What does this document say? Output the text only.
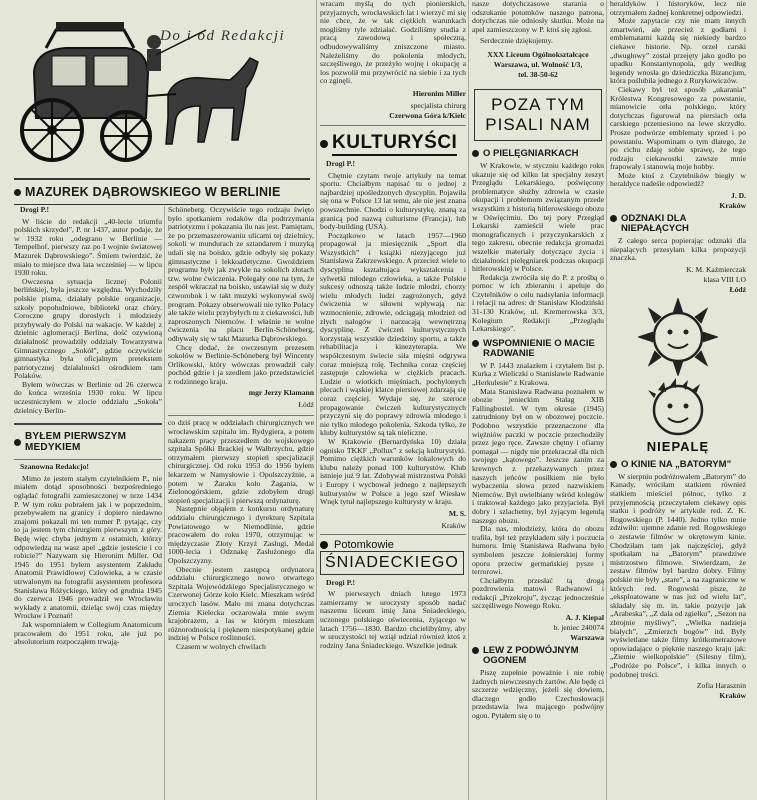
Do i od Redakcji
MAZUREK DĄBROWSKIEGO W BERLINIE
Drogi P.!

W liście do redakcji „40-lecie triumfu polskich skrzydeł”, P. nr 1437, autor podaje, że w 1932 roku „odegrano w Berlinie — Tempelhof, pierwszy raz po I wojnie światowej Mazurek Dąbrowskiego”. Śmiem twierdzić, że miało to miejsce dwa lata wcześniej — w lipcu 1930 roku.

Owczesna sytuacja licznej Polonii berlińskiej, była jeszcze względna. Wychodziły polskie pisma, działały polskie organizacje, szkoły popołudniowe, biblioteki oraz chóry. Coroczne grupy doroslych i młodzieży przybywały do Polski na wakacje. W każdej z dzielnic aglomeracji Berlina, dość ozywioną działalność prowadziły oddziały Towarzystwa Gimnastycznego „Sokół”, gdzie oczywiście gimnastyka była oficjalnym pretekstem patriotycznej działalności ośrodkiem tam Polaków.

Byłem wówczas w Berlinie od 26 czerwca do końca września 1930 roku. W lipcu uczestniczyłem w zlocie oddziału „Sokoła” dzielnicy Berlin-

BYŁEM PIERWSZYM MEDYKIEM
Szanowna Redakcjo!

Mimo że jestem stałym czytelnikiem P., nie miałem dotąd sposobności bezpośredniego oglądać fotografii zamieszczonej w nrze 1434 P. W tym roku pobrałem jak i w poprzednim, przebywałem na granicy i dopiero niedawno znajomi pokazali mi ten numer P. pytając, czy to ja jestem tym chirurgiem pierwszym z góry. Będę więc chyba jednym z ostatnich, którzy odpowiedzą na wasz apel „gdzie jesteście i co robicie?” Nazywam się Hieronim Miller. Od 1945 do 1951 byłem asystentem Zakładu Anatomii Prawidłowej Człowieka, a w czasie utrwalonym na fotografii asystentem profesora Stanisława Różyckiego, który od grudnia 1945 do czerwca 1946 prowadził we Wrocławiu wykłady z anatomii, dzieląc swój czas między Wrocław i Poznań!

Jak wspomniałem w Collegium Anatomicum pracowałem do 1951 roku, ale już po absolutorium rozpocząłem trwają-

Schöneberg. Oczywiście tego rodzaju święto było spotkaniem rodaków dla podtrzymania patriotyzmu i pokazania ilu nas jest. Pamiętam, że po przemaszerowaniu ulicami tej dzielnicy, sokoli w mundurach ze sztandarem i muzyką udali się na boisko, gdzie odbyły się pokazy gimnastyczne i lekkoatletyczne. Gwoździem programu były jak zwykle na sokolich złotach tzw. wolne ćwiczenia. Polegały one na tym, że zespół wkraczał na boisko, ustawiał się w duży czworobok i w takt muzyki wykonywał swój program. Pokazy obserwowali nie tylko Polacy ale także wielu przybyłych tu z ciekawości, lub zaproszonych Niemców. I właśnie te wolne ćwiczenia na placu Berlin-Schöneberg, odbywały się w takt Mazurka Dąbrowskiego.

Chcę dodać, że owczesnym prezesem sokołów w Berlinie-Schöneberg był Wincenty Orlikowski, który wówczas prowadził cały pochód gdzie i ja szedłem jako przedstawiciel z rodzinnego kraju.

mgr Jerzy Klamann
Łódź

co dziś pracę w oddziałach chirurgicznych we wrocławskim szpitalu im. Rydygiera, a potem nakazem pracy przeszedłem do wojskowego szpitala Spółki Brackiej w Wałbrzychu, gdzie otrzymałem pierwszy stopień specjalizacji chirurgicznej. Od roku 1953 do 1956 byłem lekarzem w Namysłowie i Opolszczyźnie, a potem w Żaraku koło Żagania, w Zielonogórskiem, gdzie zdobyłem drugi stopień specjalizacji i pierwszą ordynaturę.

Następnie objąłem z konkursu ordynaturę oddziału chirurgicznego i dyrekturę Szpitala Powiatowego w Niemodlinie, gdzie pracowałem do roku 1970, otrzymując w międzyczasie Złoty Krzyż Zasługi, Medal 1000-lecia i Odznakę Zasłużonego dla Opolszczyzny.

Obecnie jestem zastępcą ordynatora oddziału chirurgicznego nowo otwartego Szpitala Wojewódzkiego Specjalistycznego w Czerwonej Górze koło Kielc. Mieszkam wśród uroczych lasów. Mało mi znana dotychczas Ziemia Kielecka oczarowała mnie swym krajobrazem, a las w którym mieszkam różnorodnością i pięknem niespotykanej gdzie indziej w Polsce roślinności.

Czasem w wolnych chwilach

wracam myślą do tych pionierskich, przyjaznych, wrocławskich lat i wierzyć mi się nie chce, że w tak ciężkich warunkach mogliśmy tyle zdziałać. Godziliśmy studia z pracą zawodową i społeczną, odbudowywaliśmy zniszczone miasto. Należeliśmy do pokolenia młodych, szczęśliwego, że przeżyło wojnę i okupację a los pozwolił mu przywrócić na siebie i za tych co zginęli.

Hieronim Miller
specjalista chirurg
Czerwona Góra k/Kielc
KULTURYŚCI
Drogi P.!

Chętnie czytam twoje artykuły na temat sportu. Chciałbym napisać tu o jednej z najbardziej upośledzonych dyscyplin. Pojawiła się ona w Polsce 13 lat temu, ale nie jest znana powszechnie. Chodzi o kulturystykę, znaną za granicą pod nazwą culturisme (Francja), lub body-building (USA).

Początkowo w latach 1957—1960 propagował ja miesięcznik „Sport dla Wszystkich” i książki niezyjącego już Stanisława Zakrzewskiego. A przecież wiele to dyscyplina kształtująca wykształcenia i sylwetki młodego człowieka, a także Polskie sukcesy odnoszą także ludzie młodzi, chorzy wielu młodych ludzi zagrożonych, gdyż ćwiczenia w siłowni wpływają na: wzmocnienie, zdrowie, odciągają młodzież od złych nałogów i narzucają wewnętrzną dyscyplinę. Z ćwiczeń kulturystycznych korzystają wszystkie dziedziny sportu, a także rehabilitacja i kinezyterapia. We współczesnym świecie siła mięśni odgrywa coraz mniejszą rolę. Technika coraz częściej zastępuje człowieka w ciężkich pracach. Ludzie o wiotkich mięśniach, pochylonych plecach i wąskiej klatce piersiowej zdarzają się coraz częściej. Wydaje się, że szeroce propagowanie ćwiczeń kulturystycznych przyczyni się do poprawy zdrowia młodego i nie tylko młodego pokolenia. Szkoda tylko, że kluby kulturystów są tak nieliczne.

W Krakowie (Bernardyńska 10) działa ognisko TKKF „Pollux” z sekcją kulturystyki. Pomimo ciężkich warunków lokalowych do klubu należy ponad 100 kulturystów. Klub istnieje już 9 lat. Zdobywał mistrzostwa Polski i Europy i wychował jednego z najlepszych kulturystów w Polsce a jego szef Wiesław Wnęk tytuł najlepszego kulturysty w kraju.

M. S.
Kraków
Potomkowie
ŚNIADECKIEGO
Drogi P.!

W pierwszych dniach lutego 1973 zamierzamy w uroczysty sposób nadać naszemu liceum imię Jana Śniadeckiego, uczonego polskiego oświecenia, żyjącego w latach 1756—1830. Bardzo chcielibyśmy, aby w uroczystości tej wziął udział również ktoś z rodziny Jana Śniadeckiego. Wszelkie jednak

nasze dotychczasowe starania o odszukanie potomków naszego patrona, dotychczas nie odniosły skutku. Może na apel zamieszczony w P. ktoś się zgłosi.

Serdecznie dziękujemy.
XXX Liceum Ogólnokształcące
Warszawa, ul. Wolność 1/3,
tel. 38-50-62
POZA TYM
PISALI NAM
O PIELĘGNIARKACH

W Krakowie, w styczniu każdego roku ukazuje się od kilku lat specjalny zeszyt Przeglądu Lekarskiego, poświęcony problematyce służby zdrowia w czasie okupacji i problemom związanym przede wszystkim z historią hitlerowskiego obozu w Oświęcimiu. Do tej pory Przegląd Lekarski zamieścił wiele prac monograficznych i przyczynkarskich z tego zakresu, obecnie redakcja gromadzi wszelkie materiały dotyczące życia i działalności pielęgniarek podczas okupacji hitlerowskiej w Polsce.

Redakcja zwróciła się do P. z prośbą o pomoc w ich zbieraniu i apeluje do Czytelników o celu nadsyłania informacji i relacji na adres: dr Stanisław Kłodziński 31-130 Kraków, ul. Kremerowska 3/3, Kolegium Redakcji „Przeglądu Lekarskiego”.

WSPOMNIENIE O MACIE RADWANIE

W P. 1443 znalazłem i czytałem list p. Kurka z Wieliczki o Stanisławie Radwanie „Herkulesie” z Krakowa.

Mata Stanisława Radwana poznałem w obozie jenieckim Stalag XIB Fallingbostel. W tym okresie (1945) zatrudniony był on w obozowej poczcie. Podobno wszystkie przeznaczone dla więźniów paczki w poczcie przechodziły przez jego ręce. Zawsze chętny i ofiarny pomagał — nigdy nie przekraczał dla nich swojego „kątowego”. Jeszcze zanim za krewnych z przekazywanych przez naszych jeńców posiłkiem nie było wybaczenia słowa przed nazwiskiem Niemców. Był uwielbiany wśród kolegów i traktował każdego jako przyjaciela. Był dobry i szlachetny, był żyjącym legendą naszego obozu.

Dla nas, młodzieży, która do obozu trafiła, był też przykładem siły i poczucia humoru. Imię Stanisława Radwana było symbolem jeszcze żołnierskiej formy oporu przeciw germańskiej pysze i terrorowi.

Chciałbym przesłać tą drogą pozdrowienia matowi Radwanowi i redakcji „Przekroju”, życząc jednocześnie szczęśliwego Nowego Roku.

A. J. Kiepal
b. jeniec 240074
Warszawa
LEW Z PODWÓJNYM OGONEM

Piszę zupełnie poważnie i nie robię żadnych niewczesnych żartów. Ale będę ci szczerze wdzięczny, jeżeli się dowiem, dlaczego godło Czechosłowacji przedstawia lwa mającego podwójny ogon. Pytałem się o to

heraldyków i historyków, lecz nie otrzymałem żadnej konkretnej odpowiedzi.

Może zapytacie czy nie mam innych zmartwień, ale przecież z godłami i emblematami każdą się niekiedy bardzo ciekawe historie. Np. orzeł carski „dwugłowy” został przejęty jako godło po upadku Konstantynopola, gdy według legendy wnosła go dziedziczka Bizancjum, która poślubiła jednego z Rurykowiczów.

Ciekawy był też sposób „ukarania” Królestwa Kongresowego za powstanie, mianowicie orła polskiego, który dotychczas figurował na piersiach orła carskiego przeniesiono na lewe skrzydło. Prosze podwórze emblematy sprzed i po powstaniu. Wspominam o tym dlatego, że po cichu zdaję sobie sprawę, że tego rodzaju ciekawostki zawsze mnie frapowały i stanowią moje hobby.

Może ktoś z Czytelników biegły w heraldyce nadeśle odpowiedź?

J. D.
Kraków
ODZNAKI DLA NIEPAŁĄCYCH

Z całego serca popierając odznaki dla niepalących przesyłam kilka propozycji znaczka.

K. M. Kaźmierczak
klasa VIII LO
Łódź
NIEPALĘ
O KINIE NA „BATORYM”

W sierpniu podróżowałem „Batorym” do Kanady, wróciłam statkiem również statkiem mieściel północ, tylko z przyjemnością przeczytałem ciekawy opis statku i podróży w artykule red. Z. K. Rogowskiego (P. 1440). Jedno tylko mnie zdziwiło: ujemne zdanie red. Rogowskiego o zestawie filmów w okrętowym kinie. Chodziłam tam jak najczęściej, gdyż spotkałam na „Batorym” prawdziwe mistrzostwo filmowe. Stwierdzam, że zestaw filmów był bardzo dobry. Filmy polskie nie były „stare”, a na zagraniczne w których red. Rogowski pisze, że „eksploatowane w nas już od wielu lat”, składały się m. in. takie pozycje jak „Arabeska”, „Z dala od zgiełku”, „Sezon na zbrojnie myśliwy”, „Wielka nadzieja białych”, „Zmierzch bogów” itd. Były wyświetlane także filmy krótkometrażowe opowiadające o pięknie naszego kraju jak: „Ziemie wielkopolskie” (Silesny film), „Podróże po Polsce”, i kilka innych o podobnej treści.

Zofia Harasznin
Kraków
